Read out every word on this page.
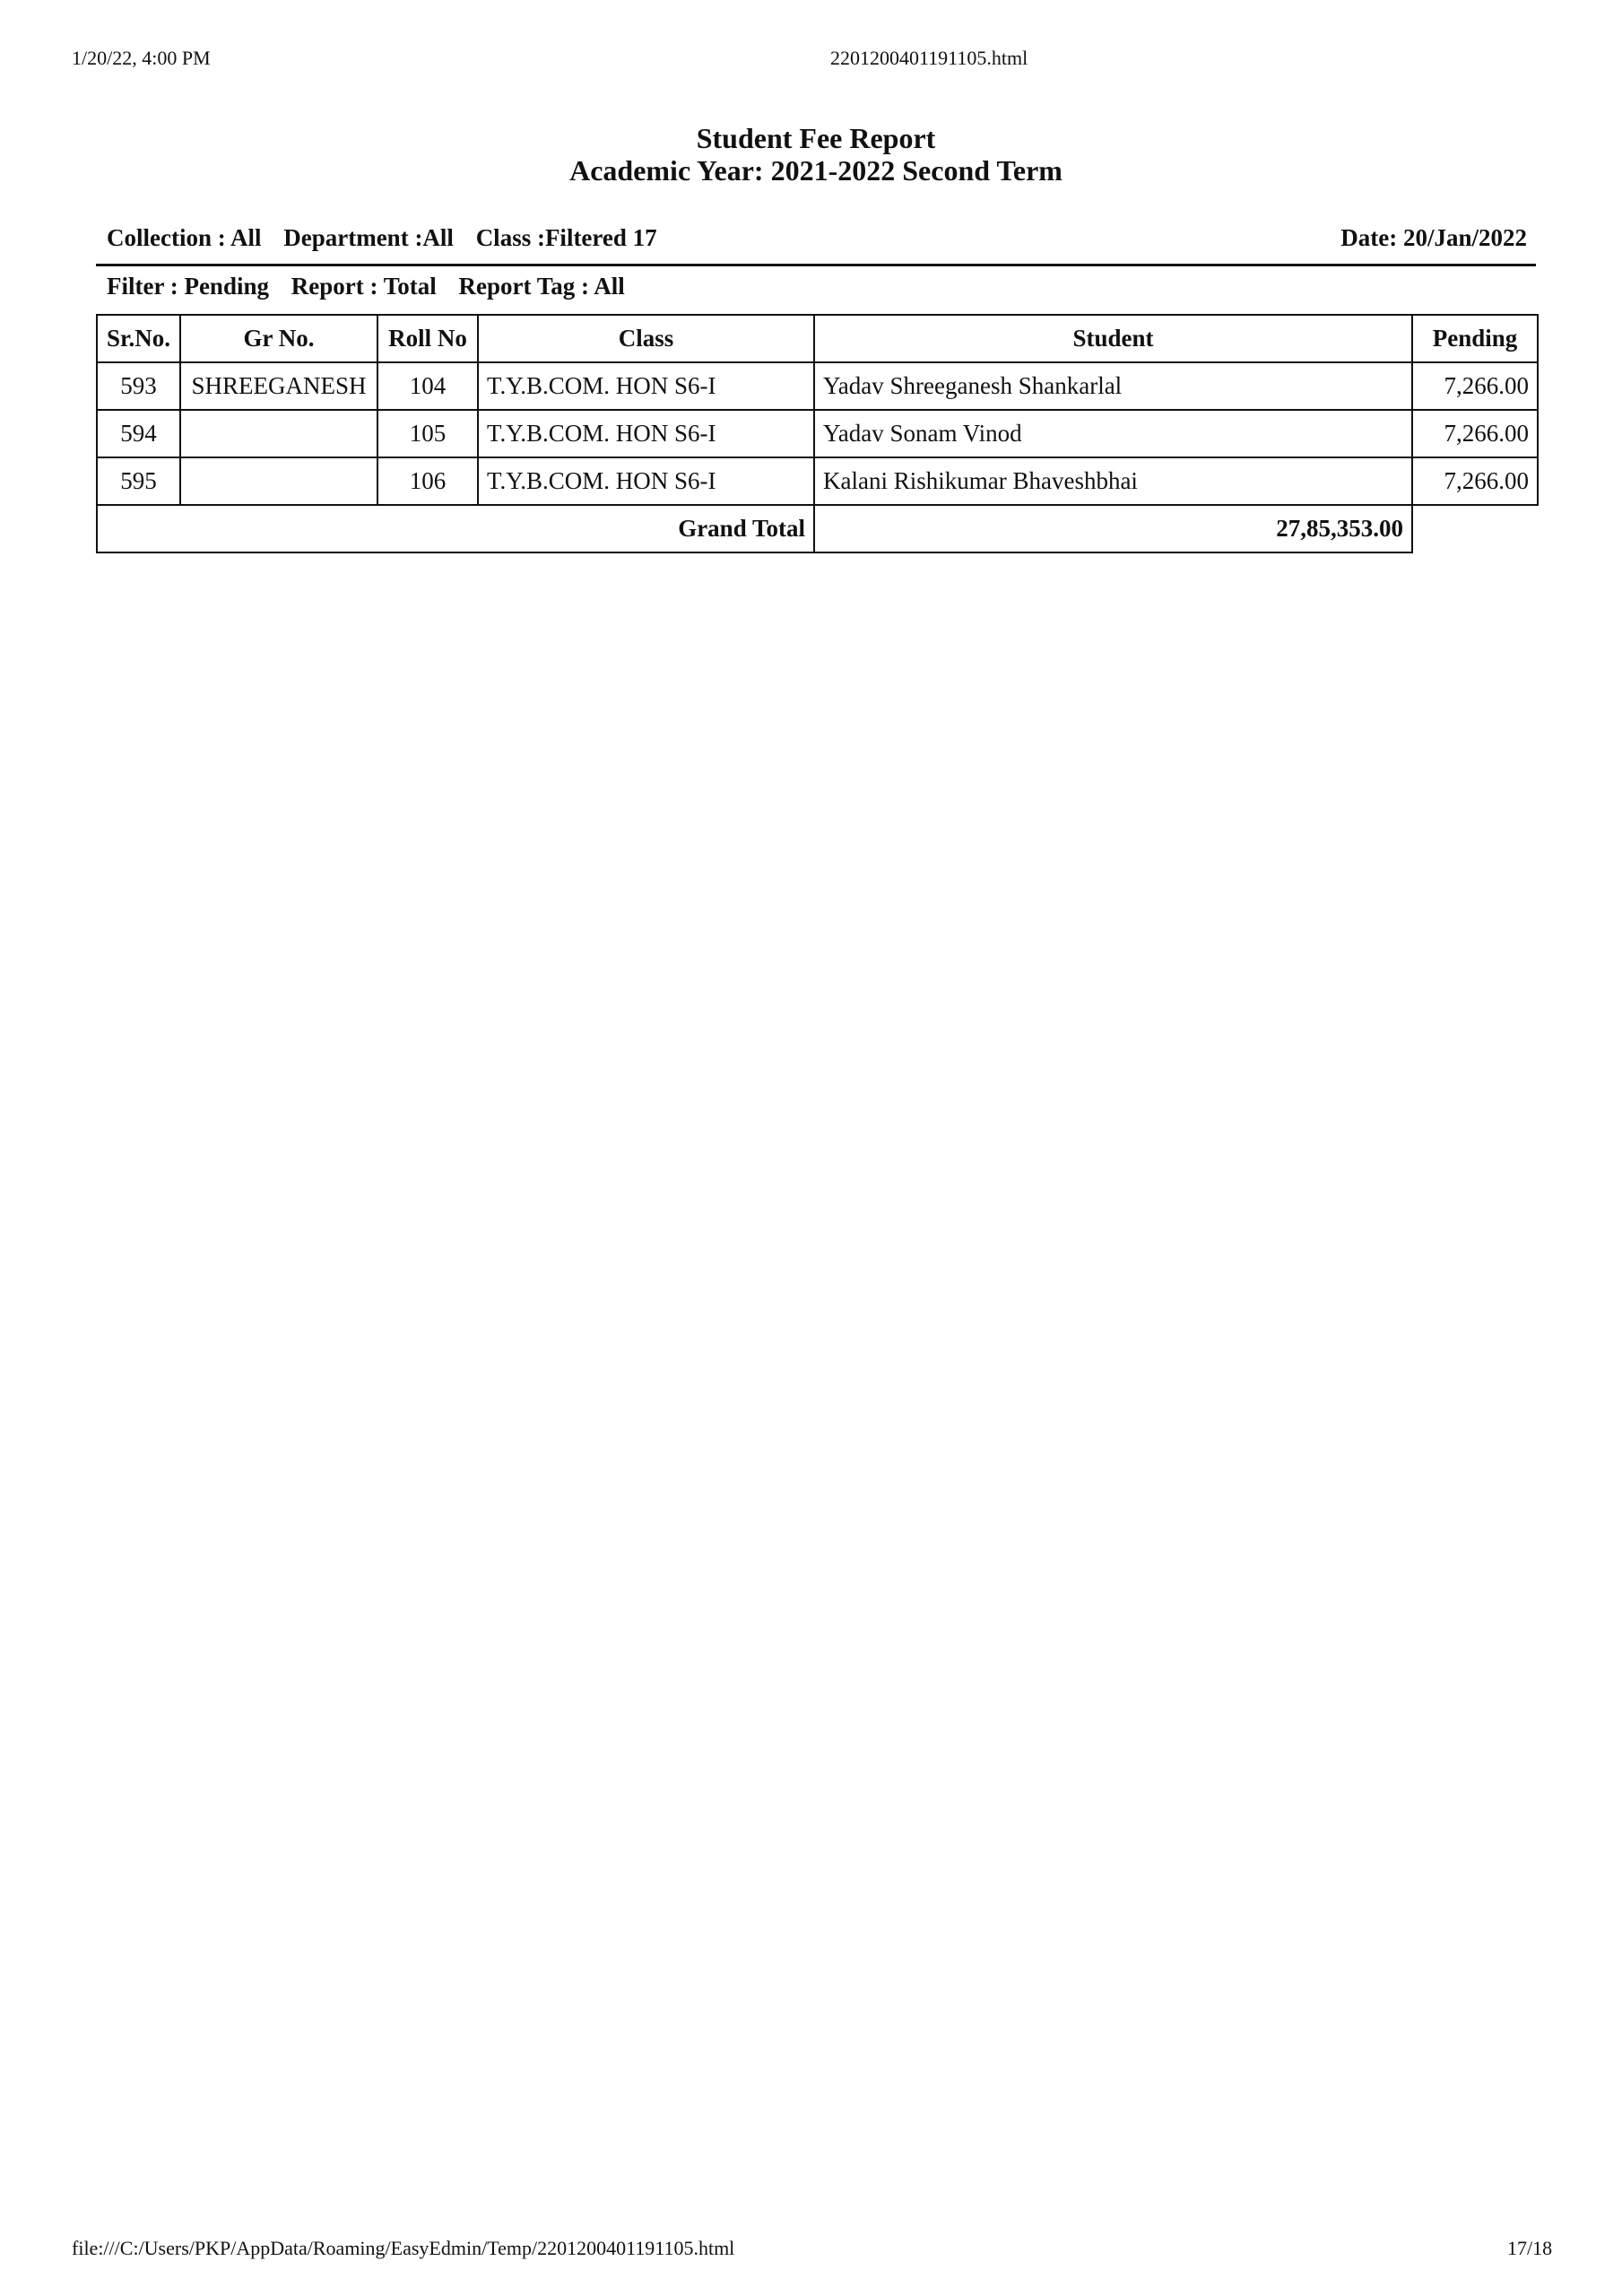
1/20/22, 4:00 PM	2201200401191105.html
Student Fee Report
Academic Year: 2021-2022 Second Term
Collection : All Department :All Class :Filtered 17	Date: 20/Jan/2022
Filter : Pending Report : Total Report Tag : All
Sr.No.	Gr No.	Roll No	Class	Student	Pending
593	SHREEGANESH	104	T.Y.B.COM. HON S6-I	Yadav Shreeganesh Shankarlal	7,266.00
594		105	T.Y.B.COM. HON S6-I	Yadav Sonam Vinod	7,266.00
595		106	T.Y.B.COM. HON S6-I	Kalani Rishikumar Bhaveshbhai	7,266.00
Grand Total				27,85,353.00	
file:///C:/Users/PKP/AppData/Roaming/EasyEdmin/Temp/2201200401191105.html	17/18
